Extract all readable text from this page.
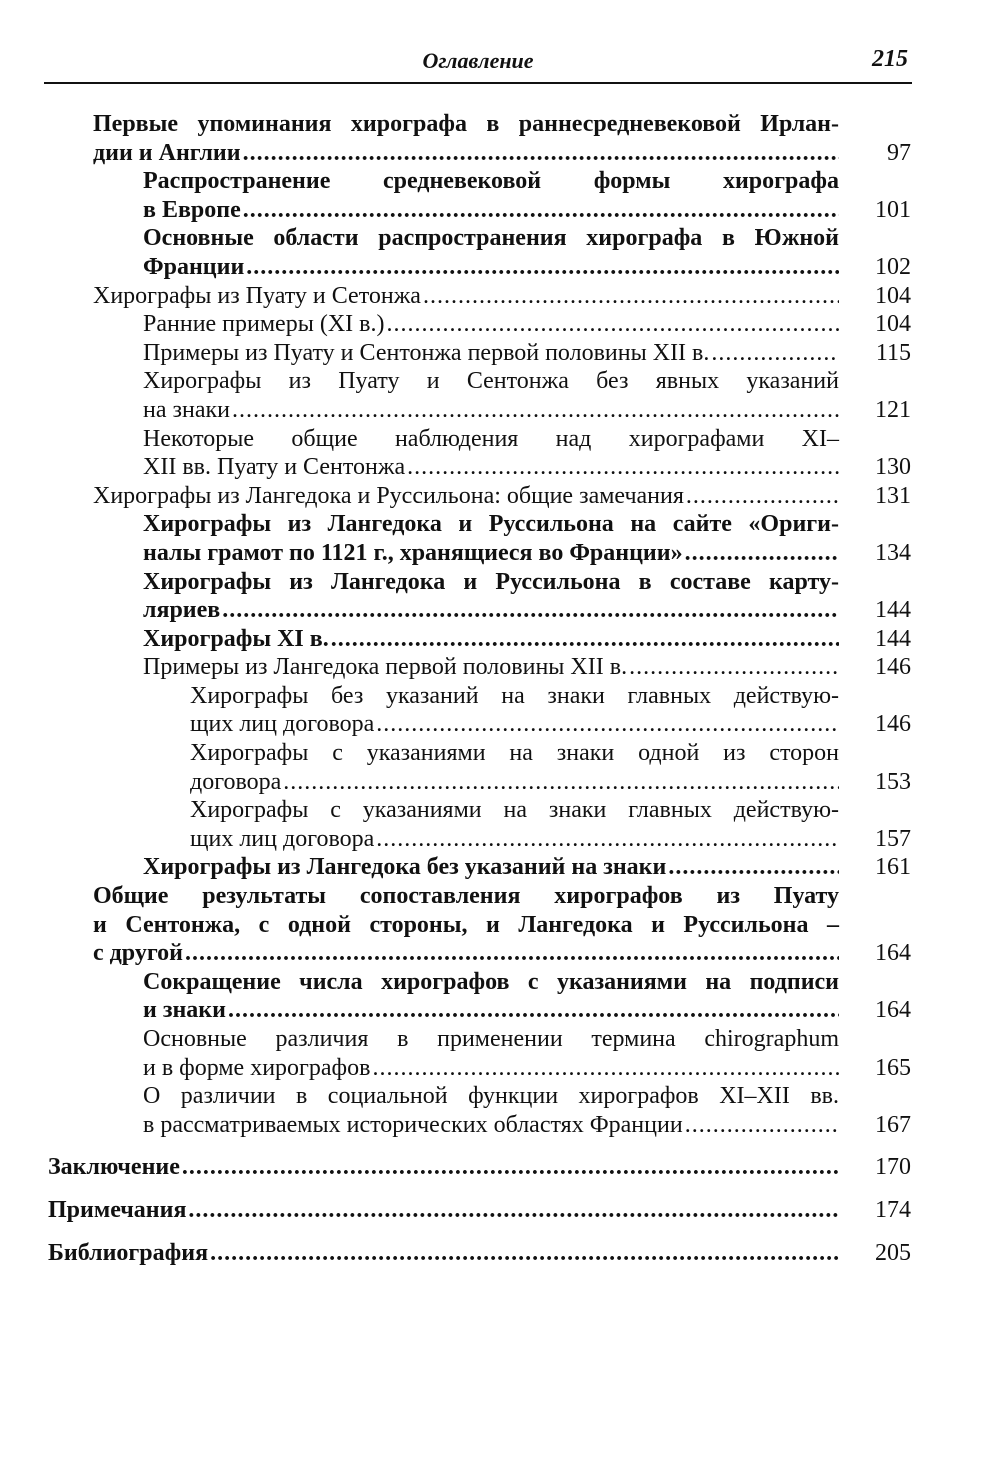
Оглавление	215
Первые упоминания хирографа в раннесредневековой Ирлан-
дии и Англии .....	97
Распространение средневековой формы хирографа
в Европе .....	101
Основные области распространения хирографа в Южной
Франции .....	102
Хирографы из Пуату и Сетонжа .....	104
Ранние примеры (XI в.) .....	104
Примеры из Пуату и Сентонжа первой половины XII в. .....	115
Хирографы из Пуату и Сентонжа без явных указаний
на знаки .....	121
Некоторые общие наблюдения над хирографами XI–
XII вв. Пуату и Сентонжа .....	130
Хирографы из Лангедока и Руссильона: общие замечания .....	131
Хирографы из Лангедока и Руссильона на сайте «Ориги-
налы грамот по 1121 г., хранящиеся во Франции» .....	134
Хирографы из Лангедока и Руссильона в составе карту-
ляриев .....	144
Хирографы XI в. .....	144
Примеры из Лангедока первой половины XII в. .....	146
Хирографы без указаний на знаки главных действую-
щих лиц договора .....	146
Хирографы с указаниями на знаки одной из сторон
договора .....	153
Хирографы с указаниями на знаки главных действую-
щих лиц договора .....	157
Хирографы из Лангедока без указаний на знаки .....	161
Общие результаты сопоставления хирографов из Пуату
и Сентонжа, с одной стороны, и Лангедока и Руссильона –
с другой .....	164
Сокращение числа хирографов с указаниями на подписи
и знаки .....	164
Основные различия в применении термина chirographum
и в форме хирографов .....	165
О различии в социальной функции хирографов XI–XII вв.
в рассматриваемых исторических областях Франции .....	167
Заключение .....	170
Примечания .....	174
Библиография .....	205
